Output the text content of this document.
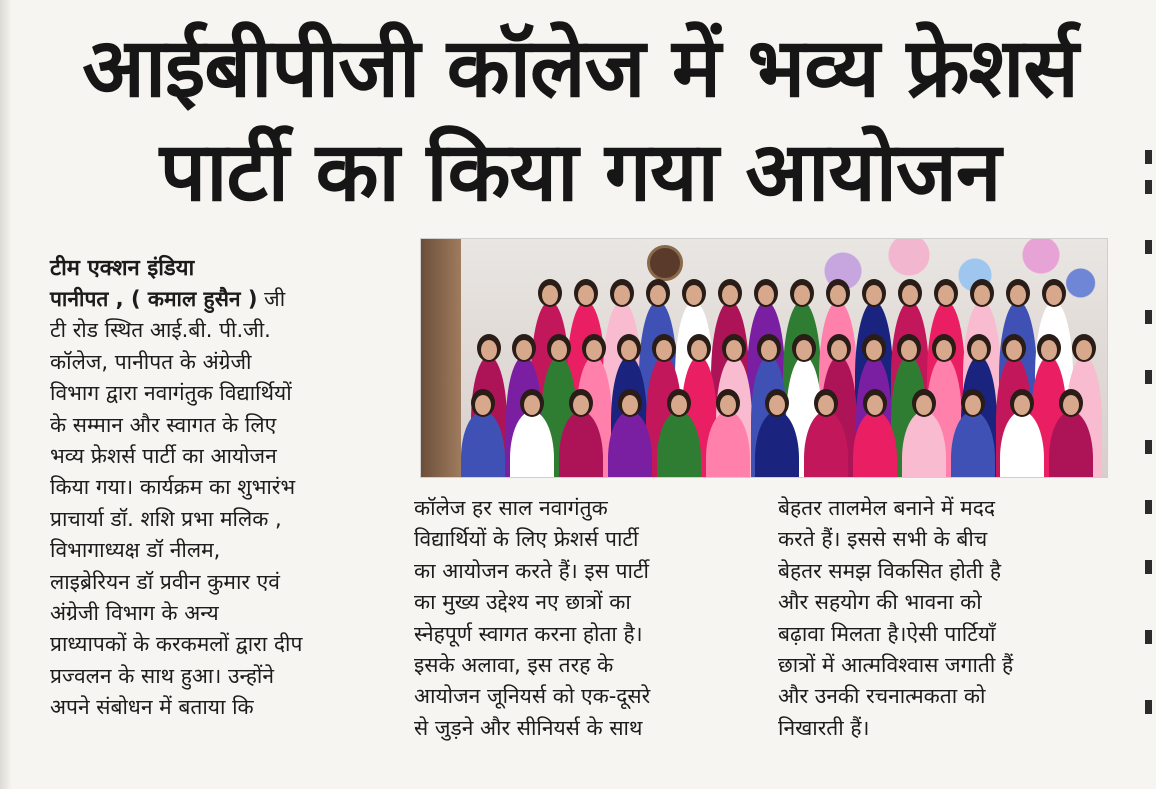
आईबीपीजी कॉलेज में भव्य फ्रेशर्स
पार्टी का किया गया आयोजन
टीम एक्शन इंडिया

पानीपत , ( कमाल हुसैन ) जी

टी रोड स्थित आई.बी. पी.जी.

कॉलेज, पानीपत के अंग्रेजी

विभाग द्वारा नवागंतुक विद्यार्थियों

के सम्मान और स्वागत के लिए

भव्य फ्रेशर्स पार्टी का आयोजन

किया गया। कार्यक्रम का शुभारंभ

प्राचार्या डॉ. शशि प्रभा मलिक ,

विभागाध्यक्ष डॉ नीलम,

लाइब्रेरियन डॉ प्रवीन कुमार एवं

अंग्रेजी विभाग के अन्य

प्राध्यापकों के करकमलों द्वारा दीप

प्रज्वलन के साथ हुआ। उन्होंने

अपने संबोधन में बताया कि

कॉलेज हर साल नवागंतुक

विद्यार्थियों के लिए फ्रेशर्स पार्टी

का आयोजन करते हैं। इस पार्टी

का मुख्य उद्देश्य नए छात्रों का

स्नेहपूर्ण स्वागत करना होता है।

इसके अलावा, इस तरह के

आयोजन जूनियर्स को एक-दूसरे

से जुड़ने और सीनियर्स के साथ

बेहतर तालमेल बनाने में मदद

करते हैं। इससे सभी के बीच

बेहतर समझ विकसित होती है

और सहयोग की भावना को

बढ़ावा मिलता है।ऐसी पार्टियाँ

छात्रों में आत्मविश्वास जगाती हैं

और उनकी रचनात्मकता को

निखारती हैं।
